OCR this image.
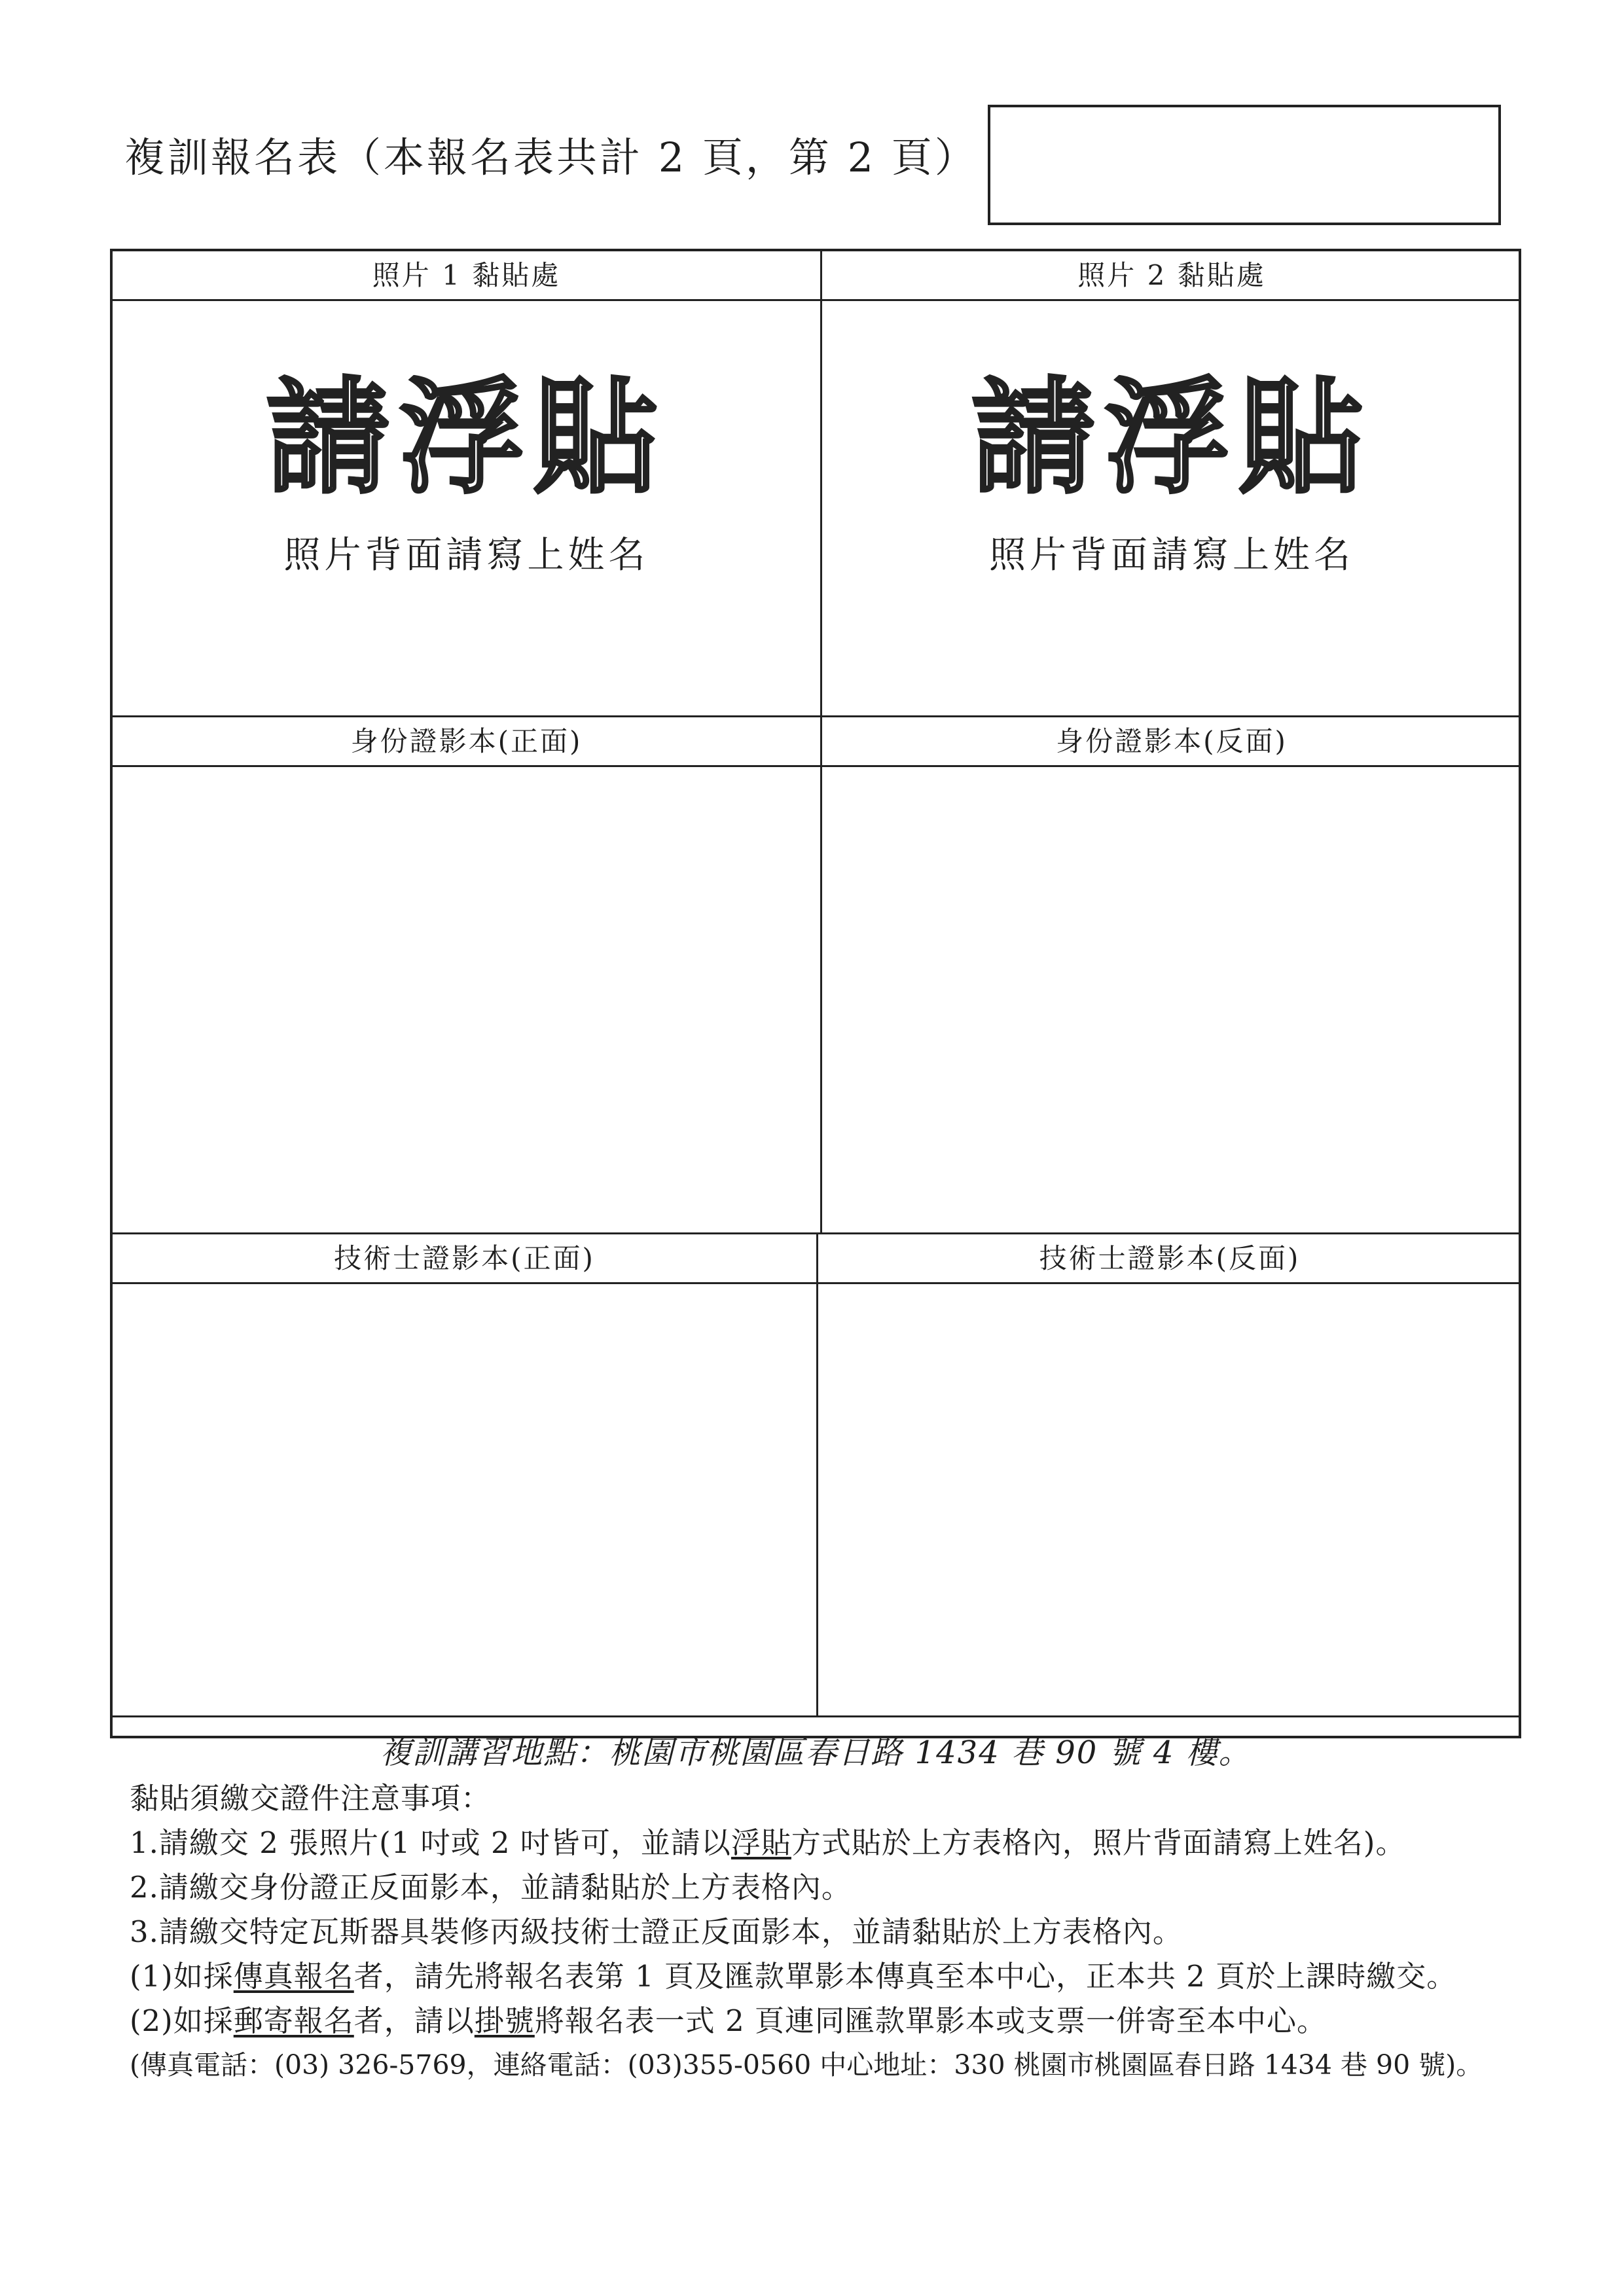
複訓報名表（本報名表共計 2 頁，第 2 頁）
照片 1 黏貼處
請浮貼
照片背面請寫上姓名
照片 2 黏貼處
請浮貼
照片背面請寫上姓名
身份證影本(正面)	身份證影本(反面)
技術士證影本(正面)	技術士證影本(反面)
複訓講習地點：桃園市桃園區春日路 1434 巷 90 號 4 樓。
黏貼須繳交證件注意事項：
1.請繳交 2 張照片(1 吋或 2 吋皆可，並請以浮貼方式貼於上方表格內，照片背面請寫上姓名)。
2.請繳交身份證正反面影本，並請黏貼於上方表格內。
3.請繳交特定瓦斯器具裝修丙級技術士證正反面影本，並請黏貼於上方表格內。
(1)如採傳真報名者，請先將報名表第 1 頁及匯款單影本傳真至本中心，正本共 2 頁於上課時繳交。
(2)如採郵寄報名者，請以掛號將報名表一式 2 頁連同匯款單影本或支票一併寄至本中心。
(傳真電話：(03) 326-5769，連絡電話：(03)355-0560 中心地址：330 桃園市桃園區春日路 1434 巷 90 號)。
